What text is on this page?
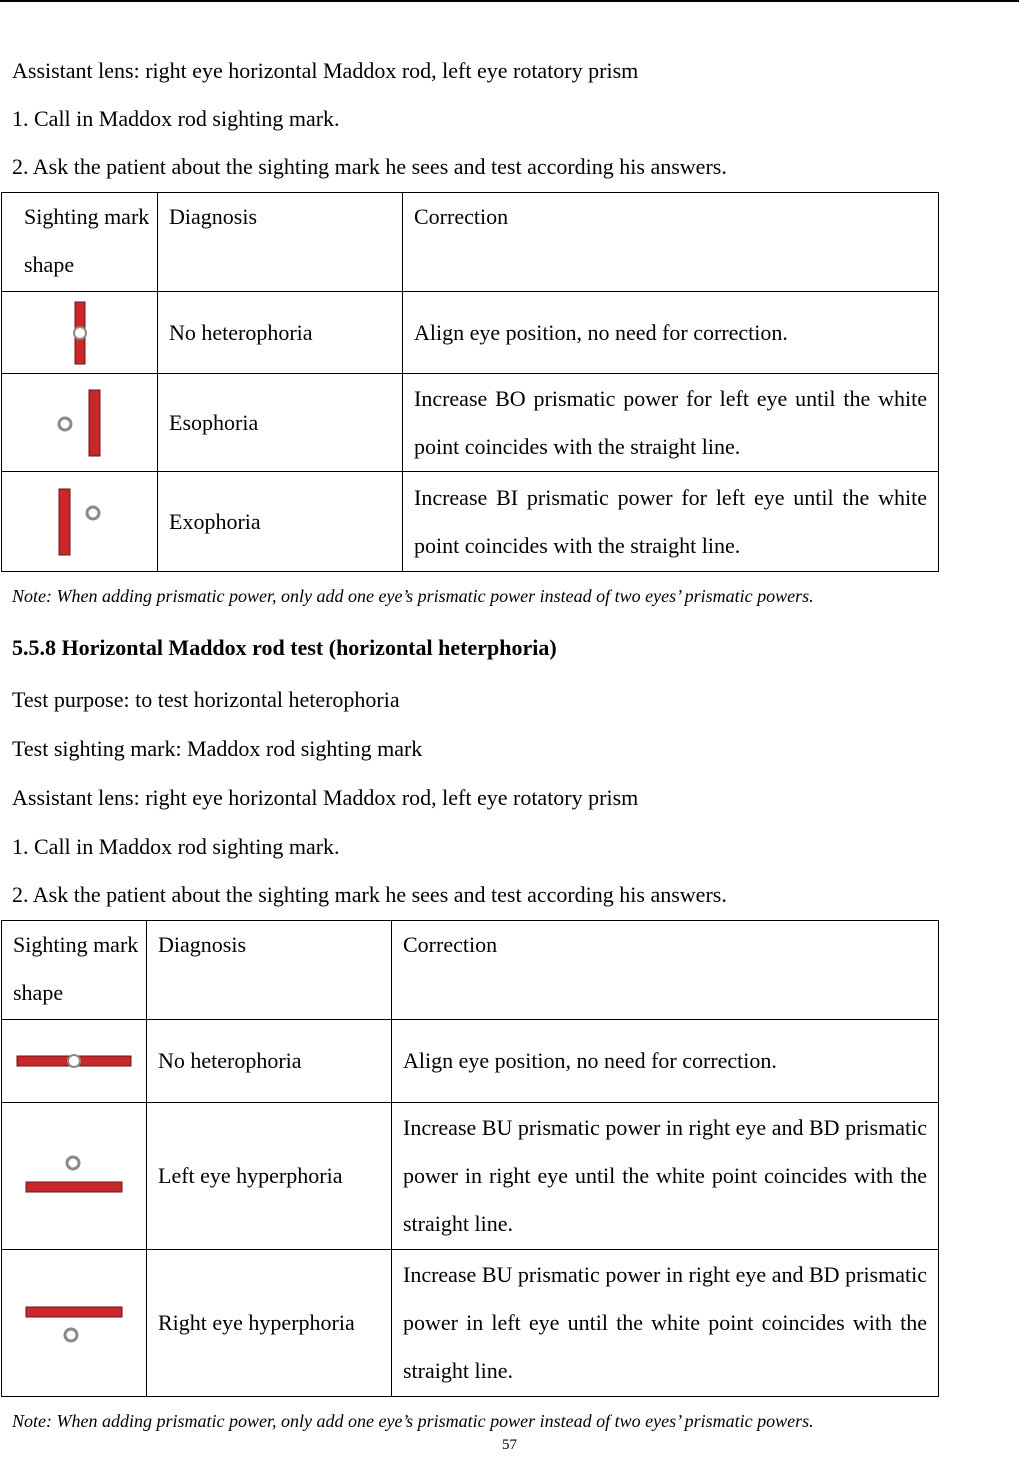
Assistant lens: right eye horizontal Maddox rod, left eye rotatory prism
1. Call in Maddox rod sighting mark.
2. Ask the patient about the sighting mark he sees and test according his answers.
Sighting mark shape	Diagnosis	Correction

	No heterophoria	Align eye position, no need for correction.

	Esophoria	Increase BO prismatic power for left eye until the white point coincides with the straight line.

	Exophoria	Increase BI prismatic power for left eye until the white point coincides with the straight line.
Note: When adding prismatic power, only add one eye’s prismatic power instead of two eyes’ prismatic powers.
5.5.8 Horizontal Maddox rod test (horizontal heterphoria)
Test purpose: to test horizontal heterophoria
Test sighting mark: Maddox rod sighting mark
Assistant lens: right eye horizontal Maddox rod, left eye rotatory prism
1. Call in Maddox rod sighting mark.
2. Ask the patient about the sighting mark he sees and test according his answers.
Sighting mark shape	Diagnosis	Correction

	No heterophoria	Align eye position, no need for correction.

	Left eye hyperphoria	Increase BU prismatic power in right eye and BD prismatic power in right eye until the white point coincides with the straight line.

	Right eye hyperphoria	Increase BU prismatic power in right eye and BD prismatic power in left eye until the white point coincides with the straight line.
Note: When adding prismatic power, only add one eye’s prismatic power instead of two eyes’ prismatic powers.
57
